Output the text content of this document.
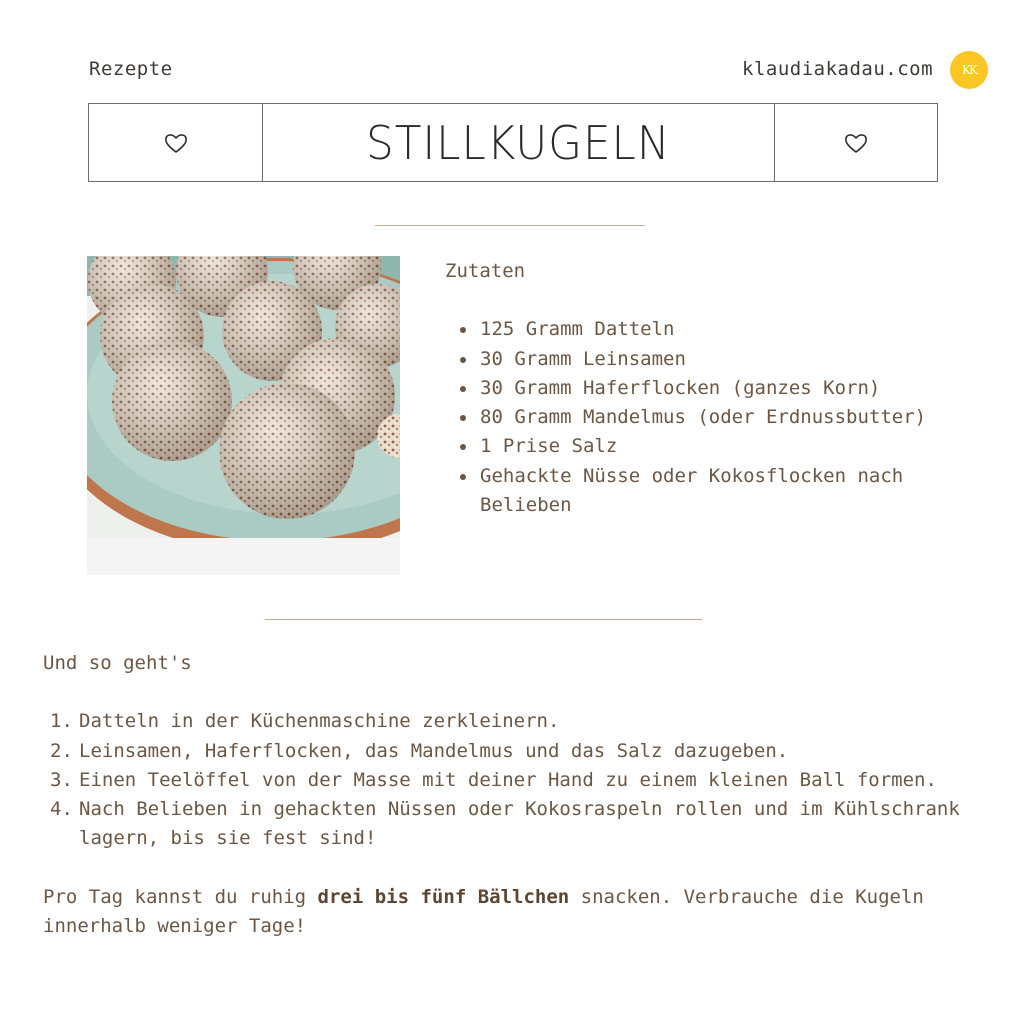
Rezepte	klaudiakadau.com KK
STILLKUGELN
Zutaten
125 Gramm Datteln
30 Gramm Leinsamen
30 Gramm Haferflocken (ganzes Korn)
80 Gramm Mandelmus (oder Erdnussbutter)
1 Prise Salz
Gehackte Nüsse oder Kokosflocken nach Belieben
Und so geht's
Datteln in der Küchenmaschine zerkleinern.
Leinsamen, Haferflocken, das Mandelmus und das Salz dazugeben.
Einen Teelöffel von der Masse mit deiner Hand zu einem kleinen Ball formen.
Nach Belieben in gehackten Nüssen oder Kokosraspeln rollen und im Kühlschrank lagern, bis sie fest sind!

Pro Tag kannst du ruhig drei bis fünf Bällchen snacken. Verbrauche die Kugeln innerhalb weniger Tage!
